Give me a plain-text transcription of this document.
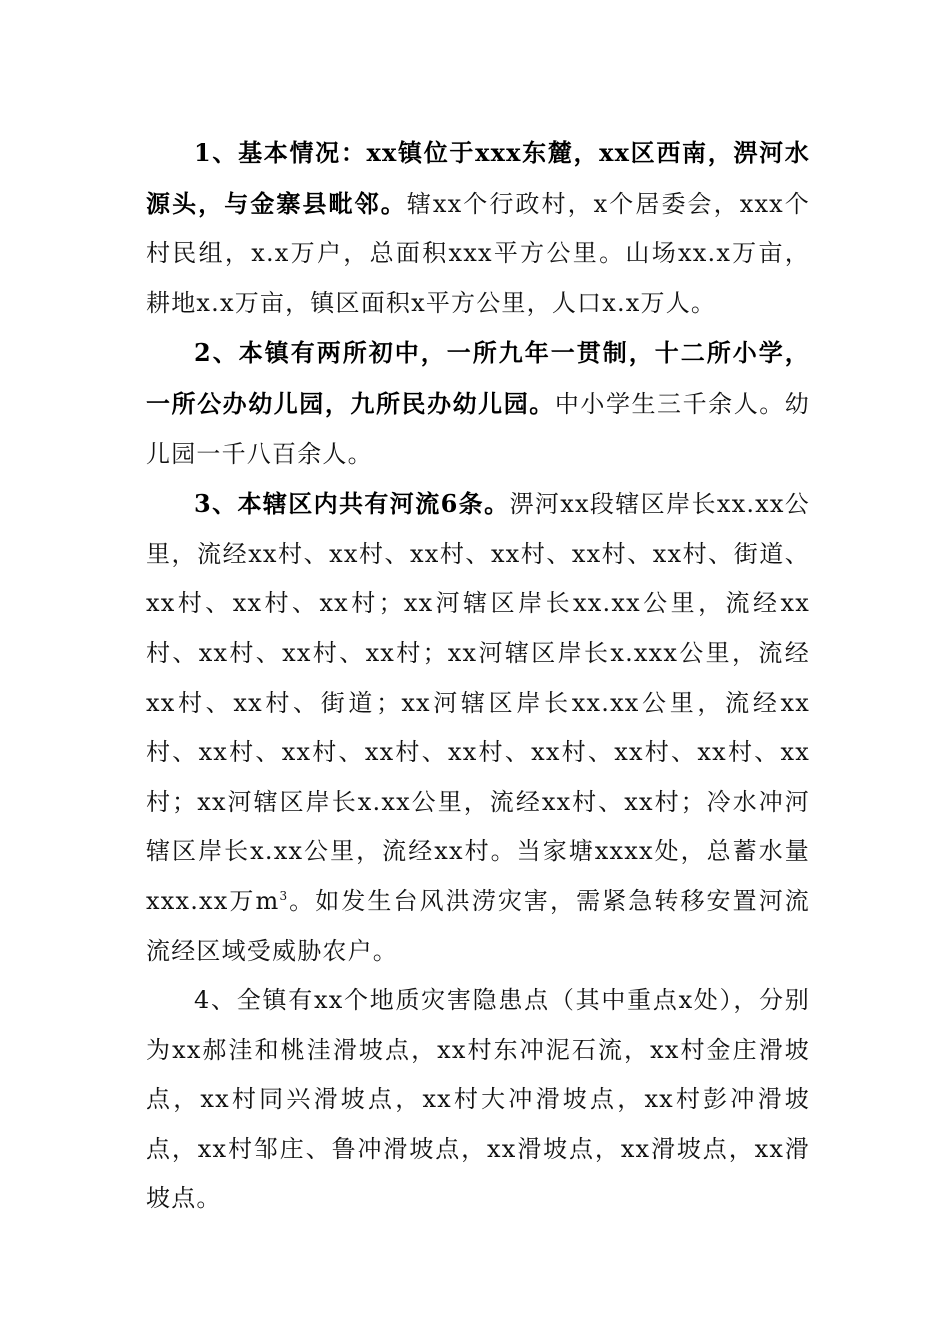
1、基本情况：xx镇位于xxx东麓，xx区西南，淠河水源头，与金寨县毗邻。辖xx个行政村，x个居委会，xxx个村民组，x.x万户，总面积xxx平方公里。山场xx.x万亩，耕地x.x万亩，镇区面积x平方公里，人口x.x万人。

2、本镇有两所初中，一所九年一贯制，十二所小学，一所公办幼儿园，九所民办幼儿园。中小学生三千余人。幼儿园一千八百余人。

3、本辖区内共有河流6条。淠河xx段辖区岸长xx.xx公里，流经xx村、xx村、xx村、xx村、xx村、xx村、街道、xx村、xx村、xx村；xx河辖区岸长xx.xx公里，流经xx村、xx村、xx村、xx村；xx河辖区岸长x.xxx公里，流经xx村、xx村、街道；xx河辖区岸长xx.xx公里，流经xx村、xx村、xx村、xx村、xx村、xx村、xx村、xx村、xx村；xx河辖区岸长x.xx公里，流经xx村、xx村；冷水冲河辖区岸长x.xx公里，流经xx村。当家塘xxxx处，总蓄水量xxx.xx万$m^3$。如发生台风洪涝灾害，需紧急转移安置河流流经区域受威胁农户。

4、全镇有xx个地质灾害隐患点（其中重点x处），分别为xx郝洼和桃洼滑坡点，xx村东冲泥石流，xx村金庄滑坡点，xx村同兴滑坡点，xx村大冲滑坡点，xx村彭冲滑坡点，xx村邹庄、鲁冲滑坡点，xx滑坡点，xx滑坡点，xx滑坡点。
